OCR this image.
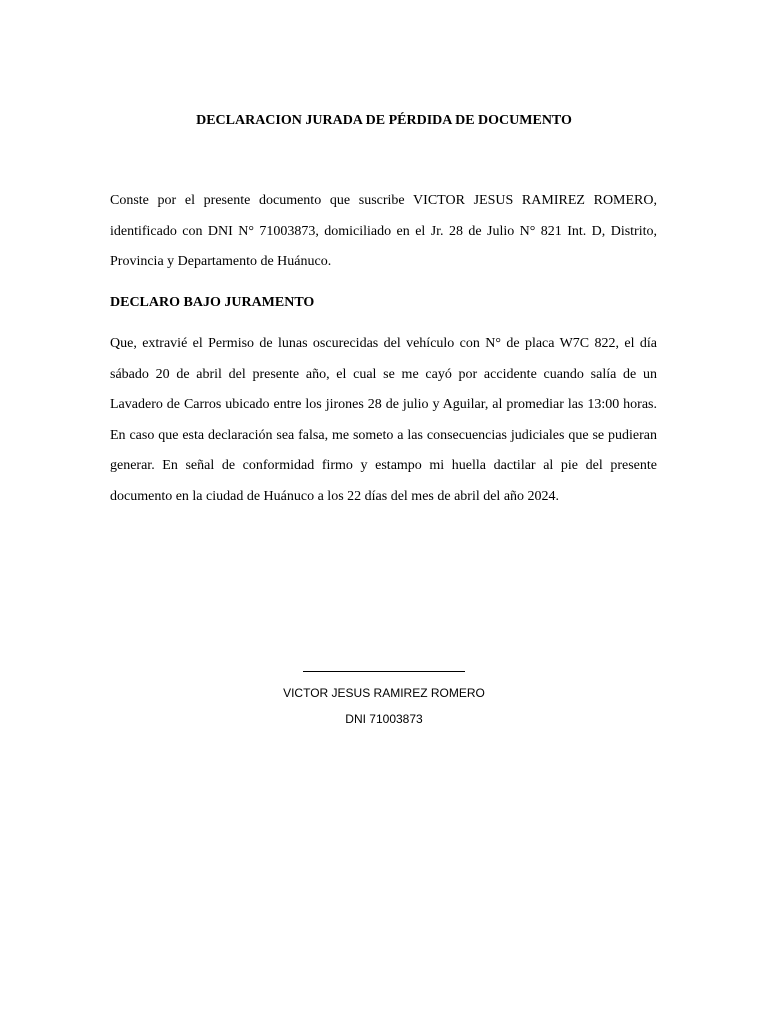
DECLARACION JURADA DE PÉRDIDA DE DOCUMENTO

Conste por el presente documento que suscribe VICTOR JESUS RAMIREZ ROMERO, identificado con DNI N° 71003873, domiciliado en el Jr. 28 de Julio N° 821 Int. D, Distrito, Provincia y Departamento de Huánuco.

DECLARO BAJO JURAMENTO

Que, extravié el Permiso de lunas oscurecidas del vehículo con N° de placa W7C 822, el día sábado 20 de abril del presente año, el cual se me cayó por accidente cuando salía de un Lavadero de Carros ubicado entre los jirones 28 de julio y Aguilar, al promediar las 13:00 horas. En caso que esta declaración sea falsa, me someto a las consecuencias judiciales que se pudieran generar. En señal de conformidad firmo y estampo mi huella dactilar al pie del presente documento en la ciudad de Huánuco a los 22 días del mes de abril del año 2024.

VICTOR JESUS RAMIREZ ROMERO

DNI 71003873
